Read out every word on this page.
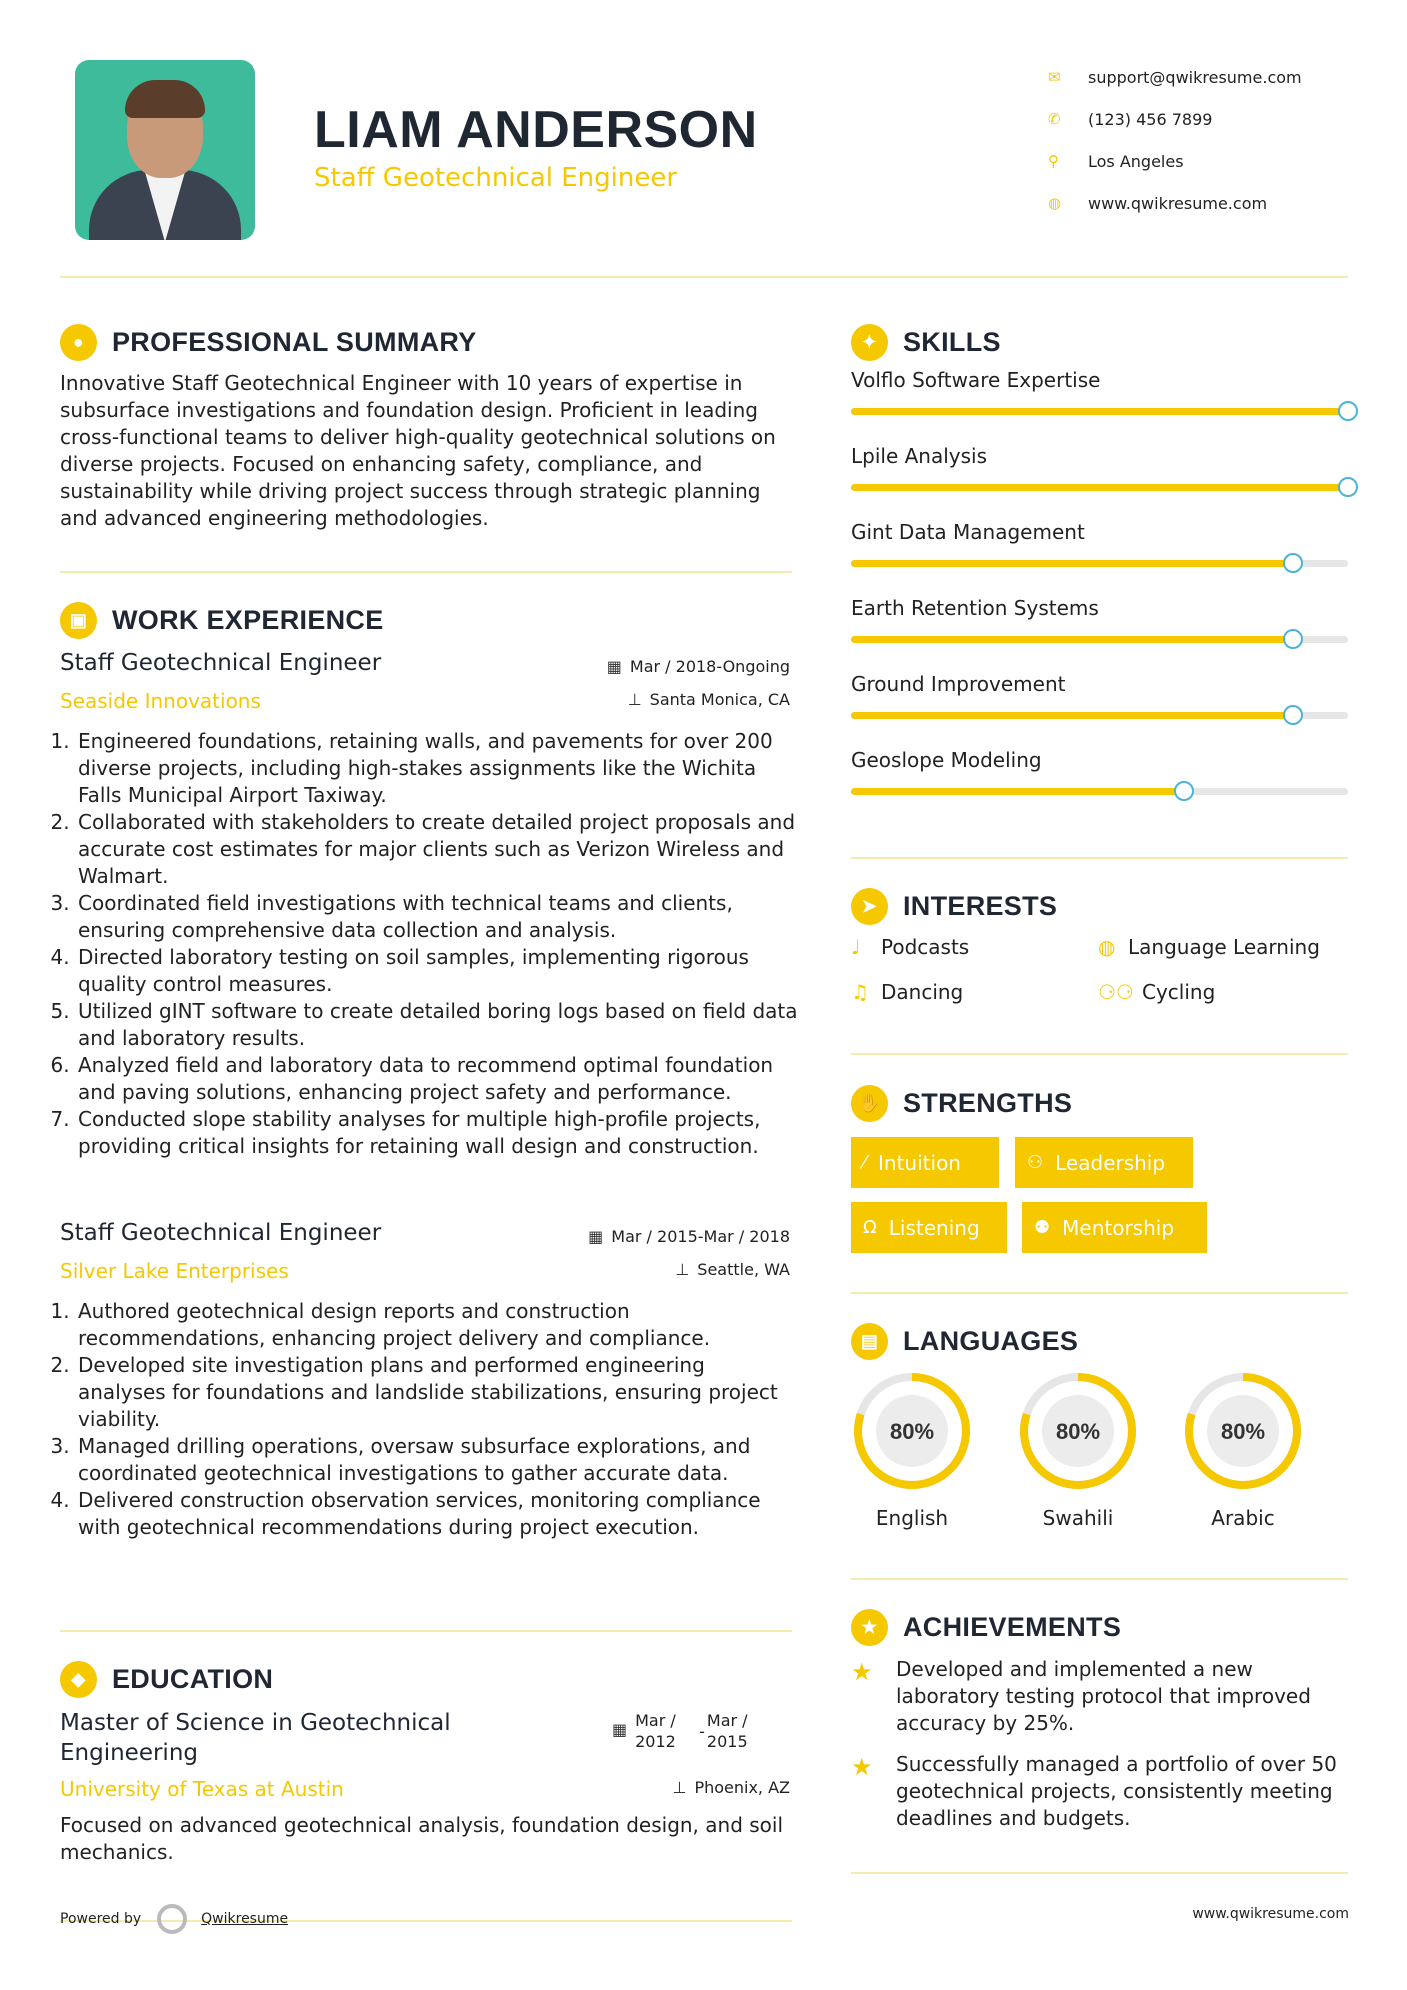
LIAM ANDERSON
Staff Geotechnical Engineer
✉	support@qwikresume.com
✆	(123) 456 7899
⚲	Los Angeles
◍	www.qwikresume.com
●	PROFESSIONAL SUMMARY
Innovative Staff Geotechnical Engineer with 10 years of expertise in subsurface investigations and foundation design. Proficient in leading cross-functional teams to deliver high-quality geotechnical solutions on diverse projects. Focused on enhancing safety, compliance, and sustainability while driving project success through strategic planning and advanced engineering methodologies.
▣ WORK EXPERIENCE
Staff Geotechnical Engineer
Seaside Innovations
▦ Mar / 2018-Ongoing
⊥ Santa Monica, CA
1. Engineered foundations, retaining walls, and pavements for over 200 diverse projects, including high-stakes assignments like the Wichita Falls Municipal Airport Taxiway.
2. Collaborated with stakeholders to create detailed project proposals and accurate cost estimates for major clients such as Verizon Wireless and Walmart.
3. Coordinated field investigations with technical teams and clients, ensuring comprehensive data collection and analysis.
4. Directed laboratory testing on soil samples, implementing rigorous quality control measures.
5. Utilized gINT software to create detailed boring logs based on field data and laboratory results.
6. Analyzed field and laboratory data to recommend optimal foundation and paving solutions, enhancing project safety and performance.
7. Conducted slope stability analyses for multiple high-profile projects, providing critical insights for retaining wall design and construction.
Staff Geotechnical Engineer
Silver Lake Enterprises
▦ Mar / 2015-Mar / 2018
⊥ Seattle, WA
1. Authored geotechnical design reports and construction recommendations, enhancing project delivery and compliance.
2. Developed site investigation plans and performed engineering analyses for foundations and landslide stabilizations, ensuring project viability.
3. Managed drilling operations, oversaw subsurface explorations, and coordinated geotechnical investigations to gather accurate data.
4. Delivered construction observation services, monitoring compliance with geotechnical recommendations during project execution.
◆ EDUCATION
Master of Science in Geotechnical Engineering
▦ Mar / 2012
-
Mar / 2015
University of Texas at Austin	⊥ Phoenix, AZ
Focused on advanced geotechnical analysis, foundation design, and soil mechanics.
✦ SKILLS
Volflo Software Expertise
Lpile Analysis
Gint Data Management
Earth Retention Systems
Ground Improvement
Geoslope Modeling
➤ INTERESTS
♩	Podcasts	◍ Language Learning
♫ Dancing	⚆⚆ Cycling
✋ STRENGTHS
⁄ Intuition	⚇ Leadership
Ω Listening	⚉ Mentorship
▤ LANGUAGES
80%
English
80%
Swahili
80%
Arabic
★ ACHIEVEMENTS
★	Developed and implemented a new laboratory testing protocol that improved accuracy by 25%.
★	Successfully managed a portfolio of over 50 geotechnical projects, consistently meeting deadlines and budgets.
Powered by	Qwikresume	www.qwikresume.com
